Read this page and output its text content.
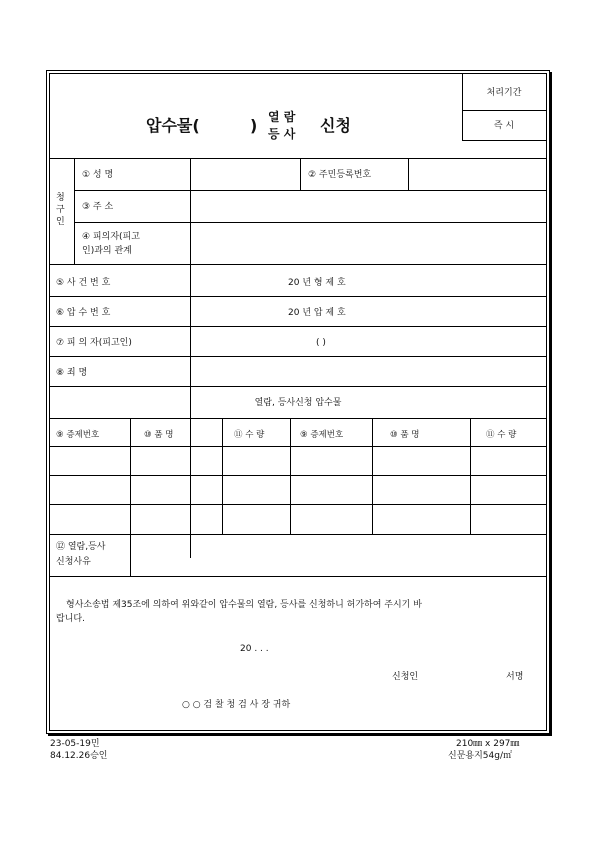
압수물(	) 열 람
등 사 신청
처리기간
즉 시
청
구
인
① 성 명	② 주민등록번호
③ 주 소
④ 피의자(피고
인)과의 관계
⑤ 사 건 번 호	20 년 형 제 호
⑥ 압 수 번 호	20 년 압 제 호
⑦ 피 의 자(피고인)	( )
⑧ 죄 명
열람, 등사신청 압수물
⑨ 증제번호	⑩ 품 명	⑪ 수 량	⑨ 증제번호	⑩ 품 명	⑪ 수 량
⑫ 열람,등사
신청사유
형사소송법 제35조에 의하여 위와같이 압수물의 열람, 등사를 신청하니 허가하여 주시기 바
랍니다.
20 . . .
신청인	서명
○ ○ 검 찰 청 검 사 장 귀하
23-05-19민
84.12.26승인
210㎜ x 297㎜
신문용지54g/㎡
